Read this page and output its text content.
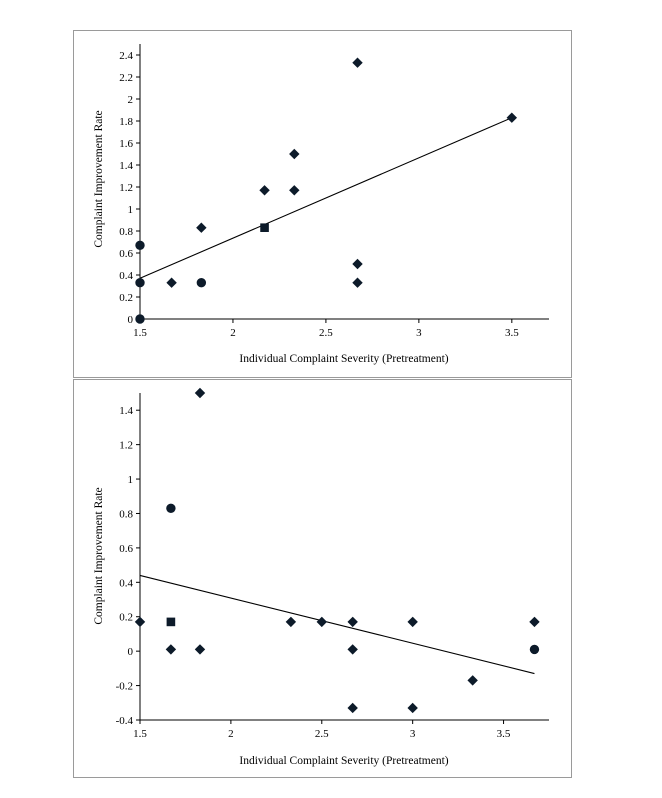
0
0.2
0.4
0.6
0.8
1
1.2
1.4
1.6
1.8
2
2.2
2.4
1.5	2	2.5	3	3.5
Individual Complaint Severity (Pretreatment)
Complaint Improvement Rate
-0.4
-0.2
0
0.2
0.4
0.6
0.8
1
1.2
1.4
1.5	2	2.5	3	3.5
Individual Complaint Severity (Pretreatment)
Complaint Improvement Rate
